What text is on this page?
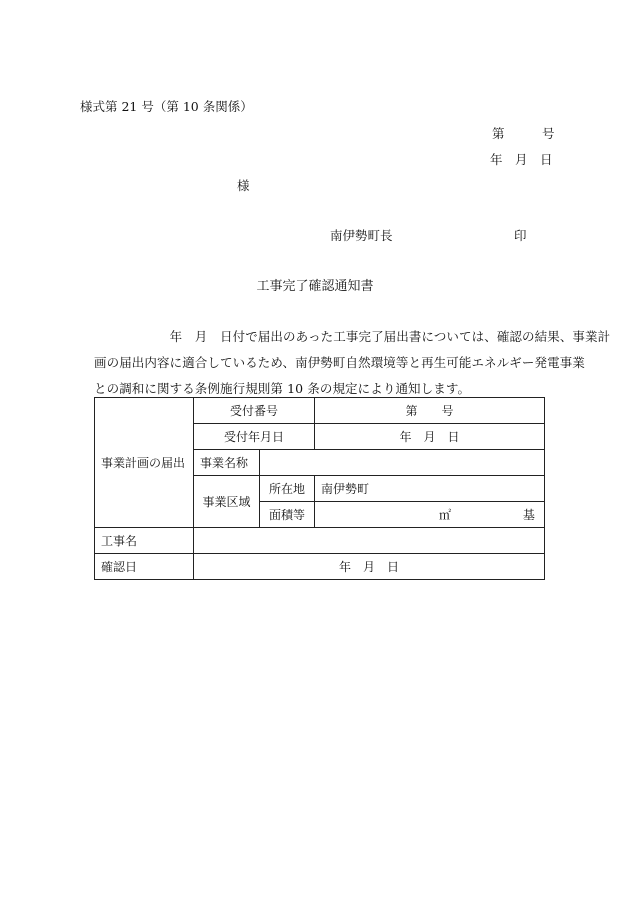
様式第 21 号（第 10 条関係）
第　　　号
年　月　日
様
南伊勢町長	印
工事完了確認通知書

　　　　　　年　月　日付で届出のあった工事完了届出書については、確認の結果、事業計

画の届出内容に適合しているため、南伊勢町自然環境等と再生可能エネルギー発電事業

との調和に関する条例施行規則第 10 条の規定により通知します。

事業計画の届出	受付番号		第　　号
	受付年月日		年　月　日
	事業名称		
	事業区域	所在地	南伊勢町
		面積等	㎡ 基
工事名			
確認日	年　月　日		
